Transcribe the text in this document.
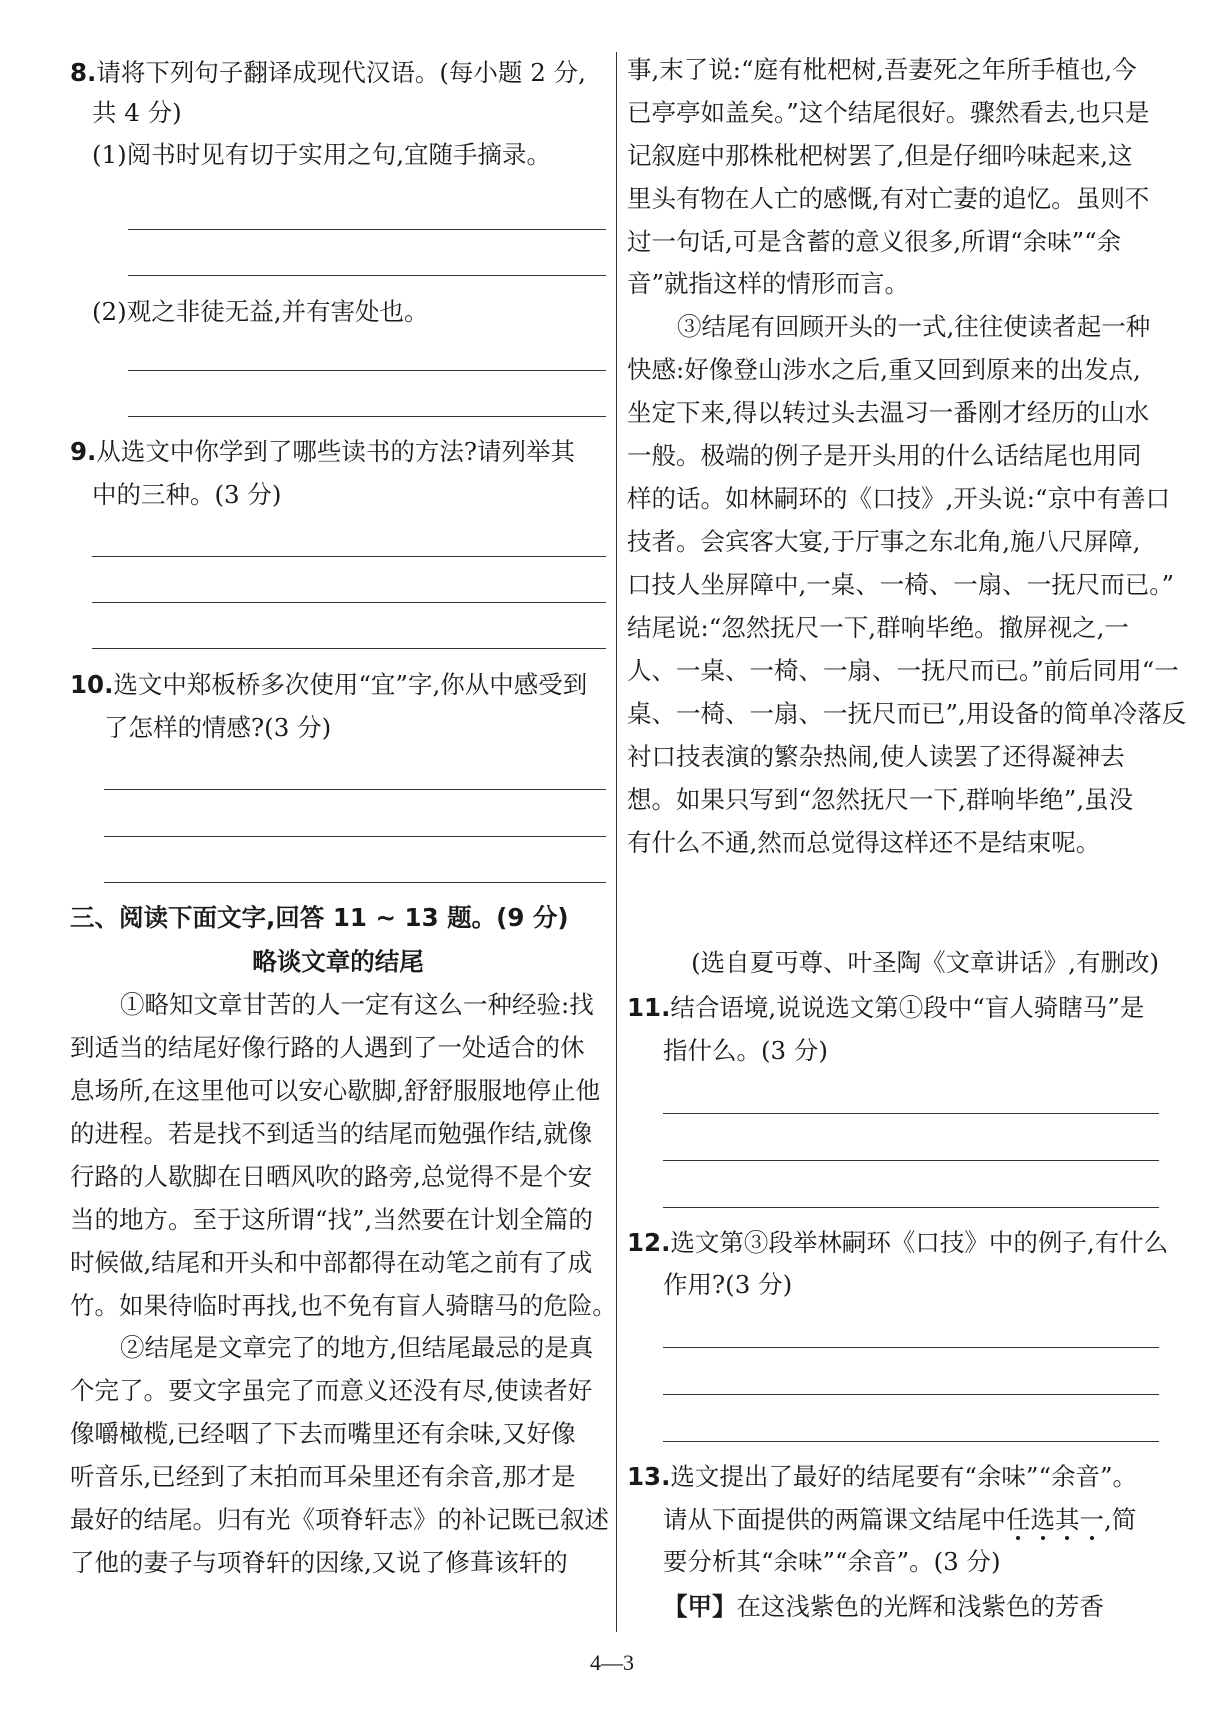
8.请将下列句子翻译成现代汉语。(每小题 2 分,
共 4 分)
(1)阅书时见有切于实用之句,宜随手摘录。
(2)观之非徒无益,并有害处也。
9.从选文中你学到了哪些读书的方法?请列举其
中的三种。(3 分)
10.选文中郑板桥多次使用“宜”字,你从中感受到
了怎样的情感?(3 分)
三、阅读下面文字,回答 11 ~ 13 题。(9 分)
略谈文章的结尾
①略知文章甘苦的人一定有这么一种经验:找
到适当的结尾好像行路的人遇到了一处适合的休
息场所,在这里他可以安心歇脚,舒舒服服地停止他
的进程。若是找不到适当的结尾而勉强作结,就像
行路的人歇脚在日晒风吹的路旁,总觉得不是个安
当的地方。至于这所谓“找”,当然要在计划全篇的
时候做,结尾和开头和中部都得在动笔之前有了成
竹。如果待临时再找,也不免有盲人骑瞎马的危险。
②结尾是文章完了的地方,但结尾最忌的是真
个完了。要文字虽完了而意义还没有尽,使读者好
像嚼橄榄,已经咽了下去而嘴里还有余味,又好像
听音乐,已经到了末拍而耳朵里还有余音,那才是
最好的结尾。归有光《项脊轩志》的补记既已叙述
了他的妻子与项脊轩的因缘,又说了修葺该轩的
事,末了说:“庭有枇杷树,吾妻死之年所手植也,今
已亭亭如盖矣。”这个结尾很好。骤然看去,也只是
记叙庭中那株枇杷树罢了,但是仔细吟味起来,这
里头有物在人亡的感慨,有对亡妻的追忆。虽则不
过一句话,可是含蓄的意义很多,所谓“余味”“余
音”就指这样的情形而言。
③结尾有回顾开头的一式,往往使读者起一种
快感:好像登山涉水之后,重又回到原来的出发点,
坐定下来,得以转过头去温习一番刚才经历的山水
一般。极端的例子是开头用的什么话结尾也用同
样的话。如林嗣环的《口技》,开头说:“京中有善口
技者。会宾客大宴,于厅事之东北角,施八尺屏障,
口技人坐屏障中,一桌、一椅、一扇、一抚尺而已。”
结尾说:“忽然抚尺一下,群响毕绝。撤屏视之,一
人、一桌、一椅、一扇、一抚尺而已。”前后同用“一
桌、一椅、一扇、一抚尺而已”,用设备的简单冷落反
衬口技表演的繁杂热闹,使人读罢了还得凝神去
想。如果只写到“忽然抚尺一下,群响毕绝”,虽没
有什么不通,然而总觉得这样还不是结束呢。
(选自夏丏尊、叶圣陶《文章讲话》,有删改)
11.结合语境,说说选文第①段中“盲人骑瞎马”是
指什么。(3 分)
12.选文第③段举林嗣环《口技》中的例子,有什么
作用?(3 分)
13.选文提出了最好的结尾要有“余味”“余音”。
请从下面提供的两篇课文结尾中任选其一,简
要分析其“余味”“余音”。(3 分)
【甲】在这浅紫色的光辉和浅紫色的芳香
4—3
